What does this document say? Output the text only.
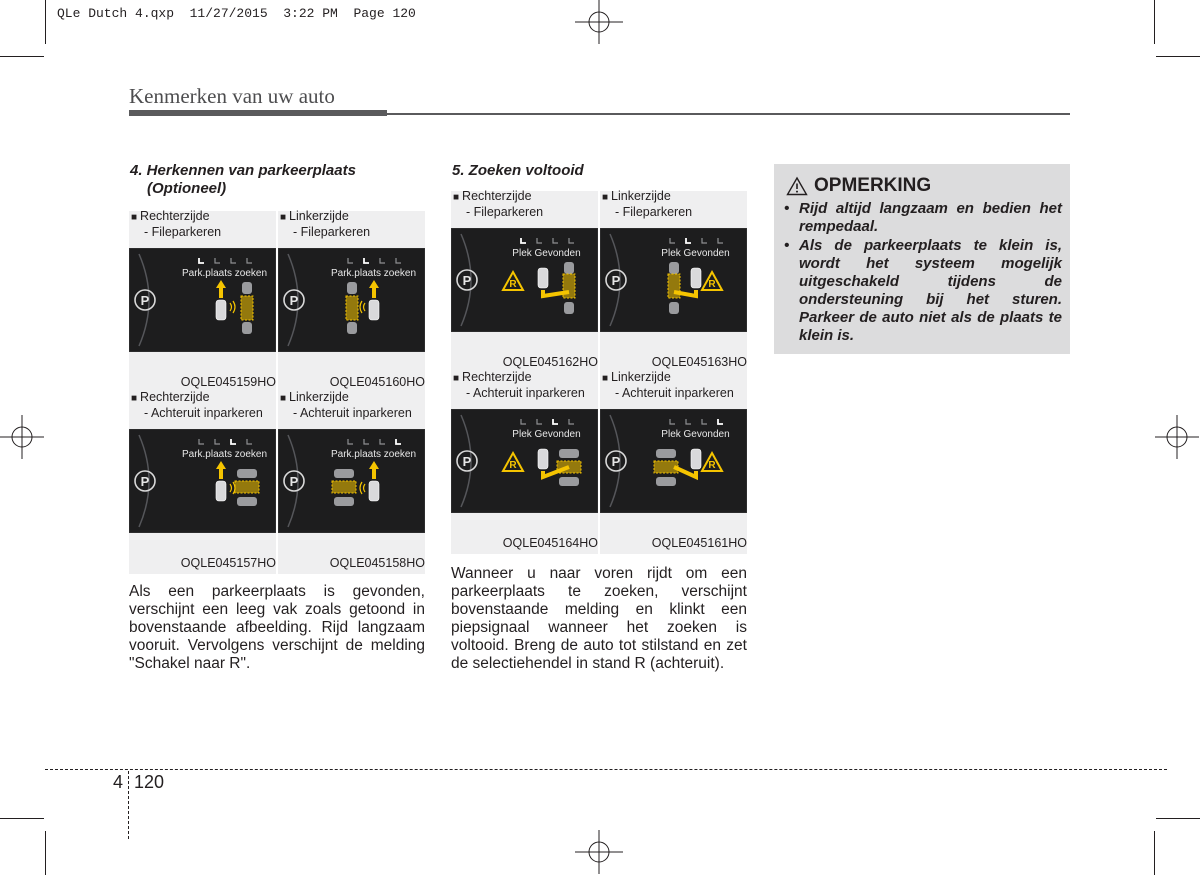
QLe Dutch 4.qxp  11/27/2015  3:22 PM  Page 120
Kenmerken van uw auto
4. Herkennen van parkeerplaats
(Optioneel)
■ Rechterzijde
- Fileparkeren
P
Park.plaats zoeken
OQLE045159HO
■ Linkerzijde
- Fileparkeren
P
Park.plaats zoeken
OQLE045160HO
■ Rechterzijde
- Achteruit inparkeren
P
Park.plaats zoeken
OQLE045157HO
■ Linkerzijde
- Achteruit inparkeren
P
Park.plaats zoeken
OQLE045158HO
Als een parkeerplaats is gevonden, verschijnt een leeg vak zoals getoond in bovenstaande afbeelding. Rijd langzaam vooruit. Vervolgens verschijnt de melding "Schakel naar R".
5. Zoeken voltooid
■ Rechterzijde
- Fileparkeren
P
Plek Gevonden
R
OQLE045162HO
■ Linkerzijde
- Fileparkeren
P
Plek Gevonden
R
OQLE045163HO
■ Rechterzijde
- Achteruit inparkeren
P
Plek Gevonden
R
OQLE045164HO
■ Linkerzijde
- Achteruit inparkeren
P
Plek Gevonden
R
OQLE045161HO
Wanneer u naar voren rijdt om een parkeerplaats te zoeken, verschijnt bovenstaande melding en klinkt een piepsignaal wanneer het zoeken is voltooid. Breng de auto tot stilstand en zet de selectiehendel in stand R (achteruit).
OPMERKING
• Rijd altijd langzaam en bedien het rempedaal.
• Als de parkeerplaats te klein is, wordt het systeem mogelijk uitgeschakeld tijdens de ondersteuning bij het sturen. Parkeer de auto niet als de plaats te klein is.
4 120
